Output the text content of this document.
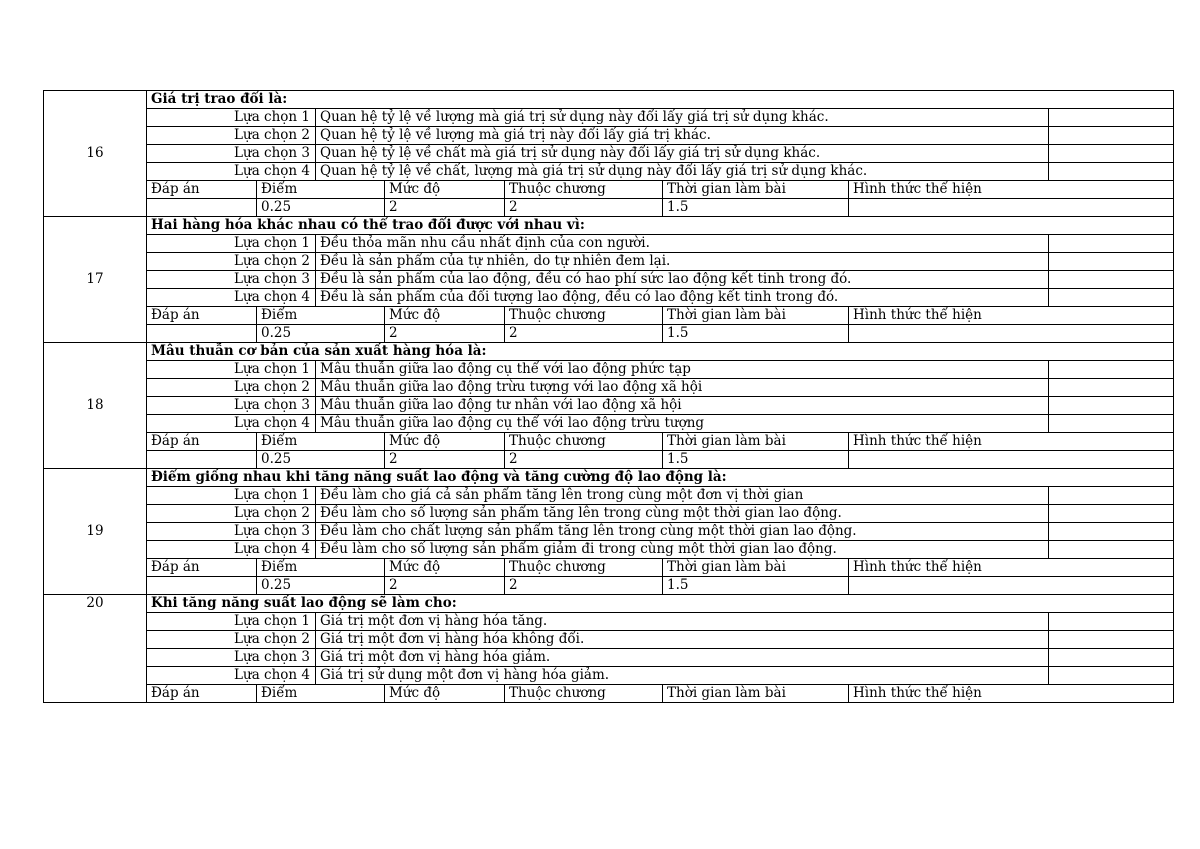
16	Giá trị trao đổi là:							
	Lựa chọn 1		Quan hệ tỷ lệ về lượng mà giá trị sử dụng này đổi lấy giá trị sử dụng khác.					
	Lựa chọn 2		Quan hệ tỷ lệ về lượng mà giá trị này đổi lấy giá trị khác.					
	Lựa chọn 3		Quan hệ tỷ lệ về chất mà giá trị sử dụng này đổi lấy giá trị sử dụng khác.					
	Lựa chọn 4		Quan hệ tỷ lệ về chất, lượng mà giá trị sử dụng này đổi lấy giá trị sử dụng khác.					
	Đáp án	Điểm		Mức độ	Thuộc chương	Thời gian làm bài	Hình thức thể hiện	
		0.25		2	2	1.5		
17	Hai hàng hóa khác nhau có thể trao đổi được với nhau vì:							
	Lựa chọn 1		Đều thỏa mãn nhu cầu nhất định của con người.					
	Lựa chọn 2		Đều là sản phẩm của tự nhiên, do tự nhiên đem lại.					
	Lựa chọn 3		Đều là sản phẩm của lao động, đều có hao phí sức lao động kết tinh trong đó.					
	Lựa chọn 4		Đều là sản phẩm của đối tượng lao động, đều có lao động kết tinh trong đó.					
	Đáp án	Điểm		Mức độ	Thuộc chương	Thời gian làm bài	Hình thức thể hiện	
		0.25		2	2	1.5		
18	Mâu thuẫn cơ bản của sản xuất hàng hóa là:							
	Lựa chọn 1		Mâu thuẫn giữa lao động cụ thể với lao động phức tạp					
	Lựa chọn 2		Mâu thuẫn giữa lao động trừu tượng với lao động xã hội					
	Lựa chọn 3		Mâu thuẫn giữa lao động tư nhân với lao động xã hội					
	Lựa chọn 4		Mâu thuẫn giữa lao động cụ thể với lao động trừu tượng					
	Đáp án	Điểm		Mức độ	Thuộc chương	Thời gian làm bài	Hình thức thể hiện	
		0.25		2	2	1.5		
19	Điểm giống nhau khi tăng năng suất lao động và tăng cường độ lao động là:							
	Lựa chọn 1		Đều làm cho giá cả sản phẩm tăng lên trong cùng một đơn vị thời gian					
	Lựa chọn 2		Đều làm cho số lượng sản phẩm tăng lên trong cùng một thời gian lao động.					
	Lựa chọn 3		Đều làm cho chất lượng sản phẩm tăng lên trong cùng một thời gian lao động.					
	Lựa chọn 4		Đều làm cho số lượng sản phẩm giảm đi trong cùng một thời gian lao động.					
	Đáp án	Điểm		Mức độ	Thuộc chương	Thời gian làm bài	Hình thức thể hiện	
		0.25		2	2	1.5		
20	Khi tăng năng suất lao động sẽ làm cho:							
	Lựa chọn 1		Giá trị một đơn vị hàng hóa tăng.					
	Lựa chọn 2		Giá trị một đơn vị hàng hóa không đổi.					
	Lựa chọn 3		Giá trị một đơn vị hàng hóa giảm.					
	Lựa chọn 4		Giá trị sử dụng một đơn vị hàng hóa giảm.					
	Đáp án	Điểm		Mức độ	Thuộc chương	Thời gian làm bài	Hình thức thể hiện	
